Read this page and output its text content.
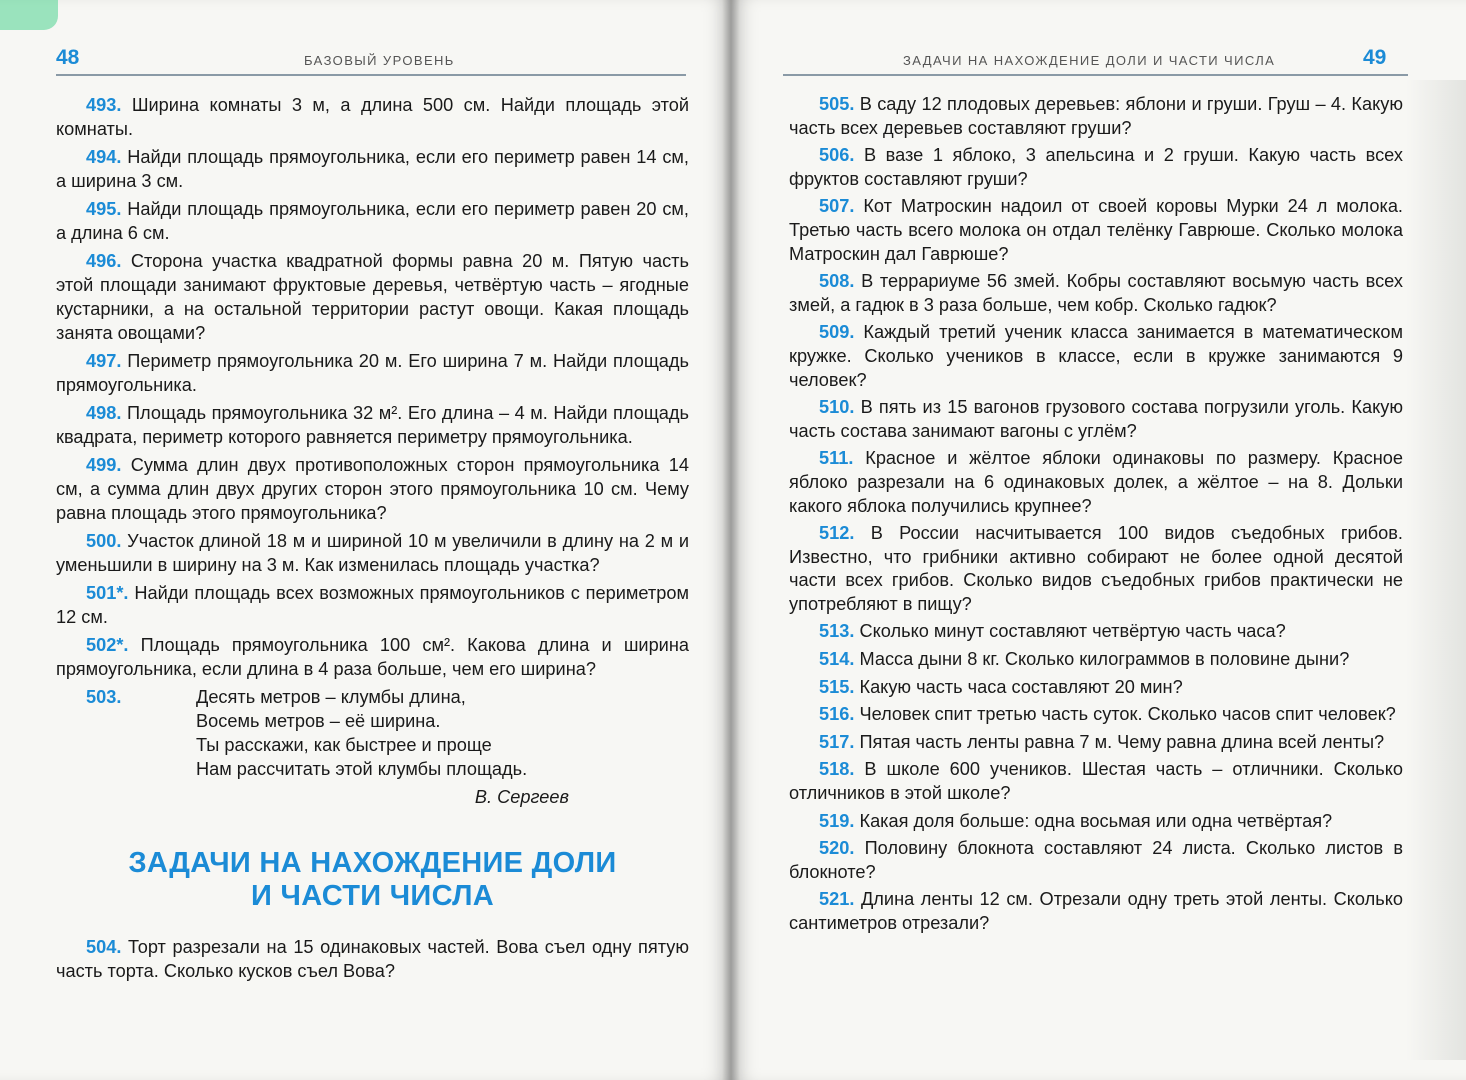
48	БАЗОВЫЙ УРОВЕНЬ

493. Ширина комнаты 3 м, а длина 500 см. Найди площадь этой комнаты.

494. Найди площадь прямоугольника, если его периметр равен 14 см, а ширина 3 см.

495. Найди площадь прямоугольника, если его периметр равен 20 см, а длина 6 см.

496. Сторона участка квадратной формы равна 20 м. Пятую часть этой площади занимают фруктовые деревья, четвёртую часть – ягодные кустарники, а на остальной территории растут овощи. Какая площадь занята овощами?

497. Периметр прямоугольника 20 м. Его ширина 7 м. Найди площадь прямоугольника.

498. Площадь прямоугольника 32 м². Его длина – 4 м. Найди площадь квадрата, периметр которого равняется периметру прямоугольника.

499. Сумма длин двух противоположных сторон прямоугольника 14 см, а сумма длин двух других сторон этого прямоугольника 10 см. Чему равна площадь этого прямоугольника?

500. Участок длиной 18 м и шириной 10 м увеличили в длину на 2 м и уменьшили в ширину на 3 м. Как изменилась площадь участка?

501*. Найди площадь всех возможных прямоугольников с периметром 12 см.

502*. Площадь прямоугольника 100 см². Какова длина и ширина прямоугольника, если длина в 4 раза больше, чем его ширина?

503.	Десять метров – клумбы длина,
Восемь метров – её ширина.
Ты расскажи, как быстрее и проще
Нам рассчитать этой клумбы площадь.
В. Сергеев
ЗАДАЧИ НА НАХОЖДЕНИЕ ДОЛИ
И ЧАСТИ ЧИСЛА

504. Торт разрезали на 15 одинаковых частей. Вова съел одну пятую часть торта. Сколько кусков съел Вова?

ЗАДАЧИ НА НАХОЖДЕНИЕ ДОЛИ И ЧАСТИ ЧИСЛА	49

505. В саду 12 плодовых деревьев: яблони и груши. Груш – 4. Какую часть всех деревьев составляют груши?

506. В вазе 1 яблоко, 3 апельсина и 2 груши. Какую часть всех фруктов составляют груши?

507. Кот Матроскин надоил от своей коровы Мурки 24 л молока. Третью часть всего молока он отдал телёнку Гаврюше. Сколько молока Матроскин дал Гаврюше?

508. В террариуме 56 змей. Кобры составляют восьмую часть всех змей, а гадюк в 3 раза больше, чем кобр. Сколько гадюк?

509. Каждый третий ученик класса занимается в математическом кружке. Сколько учеников в классе, если в кружке занимаются 9 человек?

510. В пять из 15 вагонов грузового состава погрузили уголь. Какую часть состава занимают вагоны с углём?

511. Красное и жёлтое яблоки одинаковы по размеру. Красное яблоко разрезали на 6 одинаковых долек, а жёлтое – на 8. Дольки какого яблока получились крупнее?

512. В России насчитывается 100 видов съедобных грибов. Известно, что грибники активно собирают не более одной десятой части всех грибов. Сколько видов съедобных грибов практически не употребляют в пищу?

513. Сколько минут составляют четвёртую часть часа?

514. Масса дыни 8 кг. Сколько килограммов в половине дыни?

515. Какую часть часа составляют 20 мин?

516. Человек спит третью часть суток. Сколько часов спит человек?

517. Пятая часть ленты равна 7 м. Чему равна длина всей ленты?

518. В школе 600 учеников. Шестая часть – отличники. Сколько отличников в этой школе?

519. Какая доля больше: одна восьмая или одна четвёртая?

520. Половину блокнота составляют 24 листа. Сколько листов в блокноте?

521. Длина ленты 12 см. Отрезали одну треть этой ленты. Сколько сантиметров отрезали?
